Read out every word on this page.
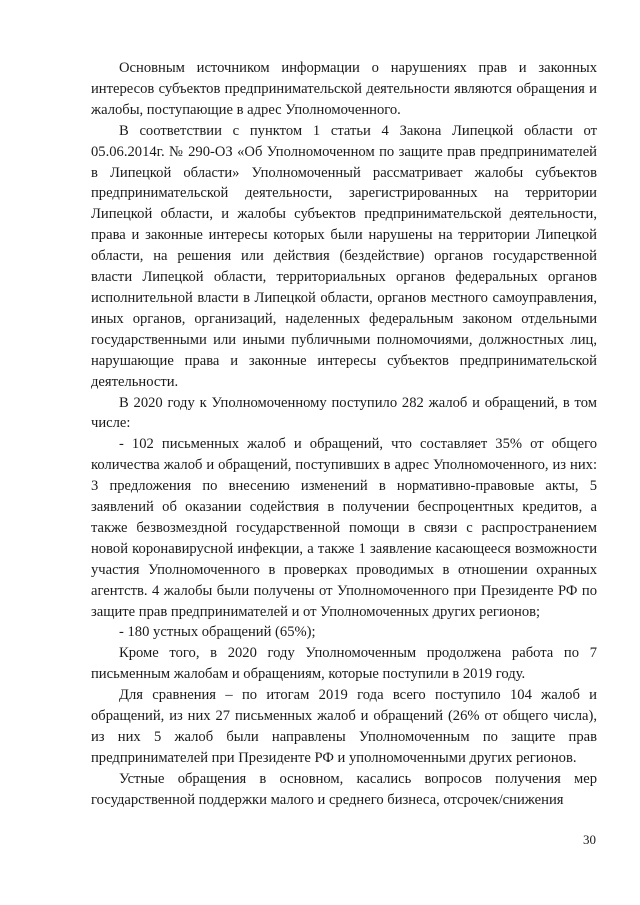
Основным источником информации о нарушениях прав и законных интересов субъектов предпринимательской деятельности являются обращения и жалобы, поступающие в адрес Уполномоченного.

В соответствии с пунктом 1 статьи 4 Закона Липецкой области от 05.06.2014г. № 290-ОЗ «Об Уполномоченном по защите прав предпринимателей в Липецкой области» Уполномоченный рассматривает жалобы субъектов предпринимательской деятельности, зарегистрированных на территории Липецкой области, и жалобы субъектов предпринимательской деятельности, права и законные интересы которых были нарушены на территории Липецкой области, на решения или действия (бездействие) органов государственной власти Липецкой области, территориальных органов федеральных органов исполнительной власти в Липецкой области, органов местного самоуправления, иных органов, организаций, наделенных федеральным законом отдельными государственными или иными публичными полномочиями, должностных лиц, нарушающие права и законные интересы субъектов предпринимательской деятельности.

В 2020 году к Уполномоченному поступило 282 жалоб и обращений, в том числе:

- 102 письменных жалоб и обращений, что составляет 35% от общего количества жалоб и обращений, поступивших в адрес Уполномоченного, из них: 3 предложения по внесению изменений в нормативно-правовые акты, 5 заявлений об оказании содействия в получении беспроцентных кредитов, а также безвозмездной государственной помощи в связи с распространением новой коронавирусной инфекции, а также 1 заявление касающееся возможности участия Уполномоченного в проверках проводимых в отношении охранных агентств. 4 жалобы были получены от Уполномоченного при Президенте РФ по защите прав предпринимателей и от Уполномоченных других регионов;

- 180 устных обращений (65%);

Кроме того, в 2020 году Уполномоченным продолжена работа по 7 письменным жалобам и обращениям, которые поступили в 2019 году.

Для сравнения – по итогам 2019 года всего поступило 104 жалоб и обращений, из них 27 письменных жалоб и обращений (26% от общего числа), из них 5 жалоб были направлены Уполномоченным по защите прав предпринимателей при Президенте РФ и уполномоченными других регионов.

Устные обращения в основном, касались вопросов получения мер государственной поддержки малого и среднего бизнеса, отсрочек/снижения

30
